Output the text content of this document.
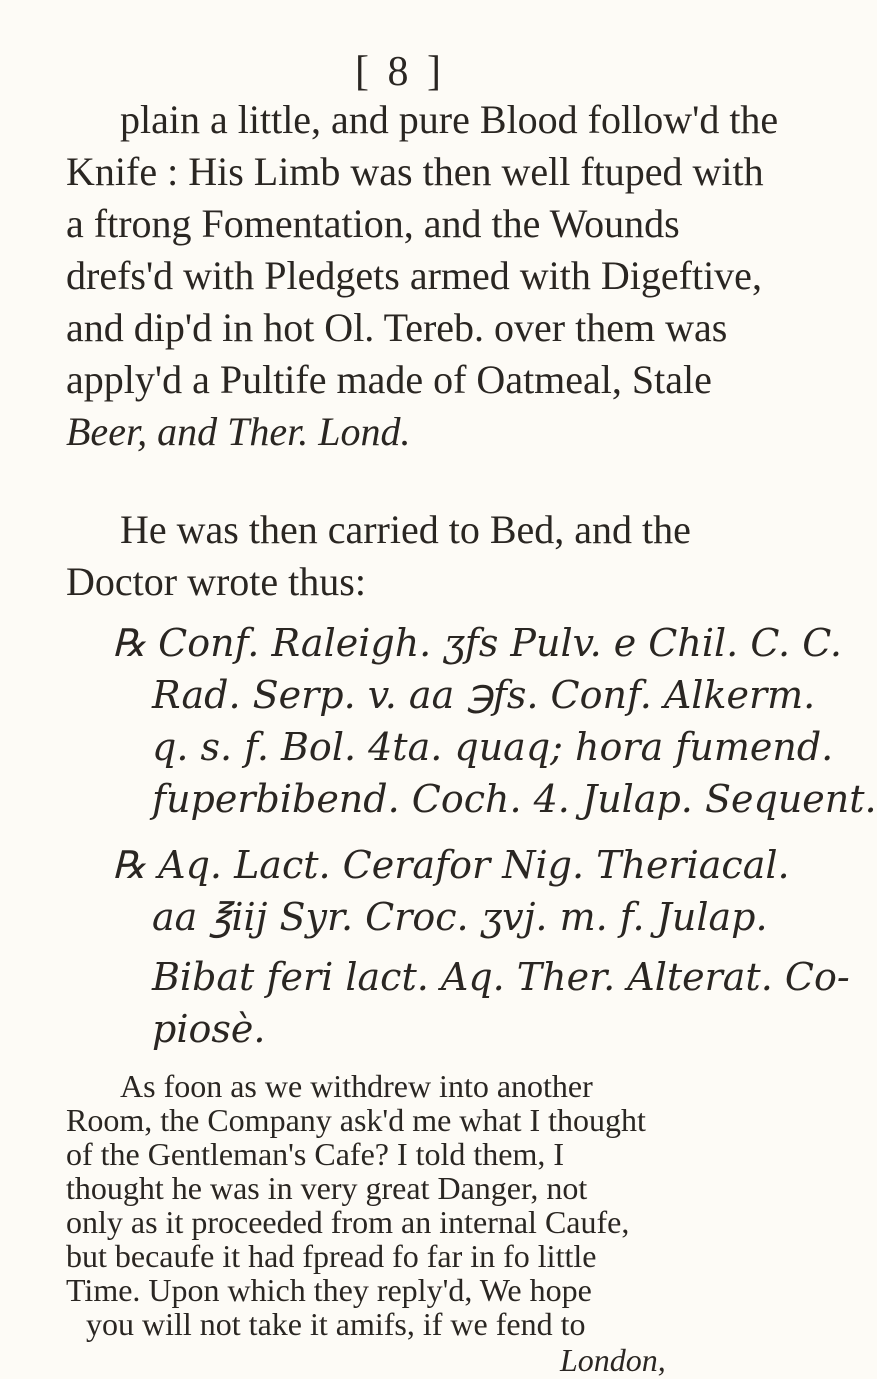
[ 8 ]
plain a little, and pure Blood follow'd the
Knife : His Limb was then well ftuped with
a ftrong Fomentation, and the Wounds
drefs'd with Pledgets armed with Digeftive,
and dip'd in hot Ol. Tereb. over them was
apply'd a Pultife made of Oatmeal, Stale
Beer, and Ther. Lond.
He was then carried to Bed, and the
Doctor wrote thus:
℞ Conf. Raleigh. ʒfs Pulv. e Chil. C. C.
Rad. Serp. v. aa ℈fs. Conf. Alkerm.
q. s. f. Bol. 4ta. quaq; hora fumend.
fuperbibend. Coch. 4. Julap. Sequent.
℞ Aq. Lact. Cerafor Nig. Theriacal.
aa ℥iij Syr. Croc. ʒvj. m. f. Julap.
Bibat feri lact. Aq. Ther. Alterat. Co-
piosè.
As foon as we withdrew into another
Room, the Company ask'd me what I thought
of the Gentleman's Cafe? I told them, I
thought he was in very great Danger, not
only as it proceeded from an internal Caufe,
but becaufe it had fpread fo far in fo little
Time. Upon which they reply'd, We hope
you will not take it amifs, if we fend to
London,
